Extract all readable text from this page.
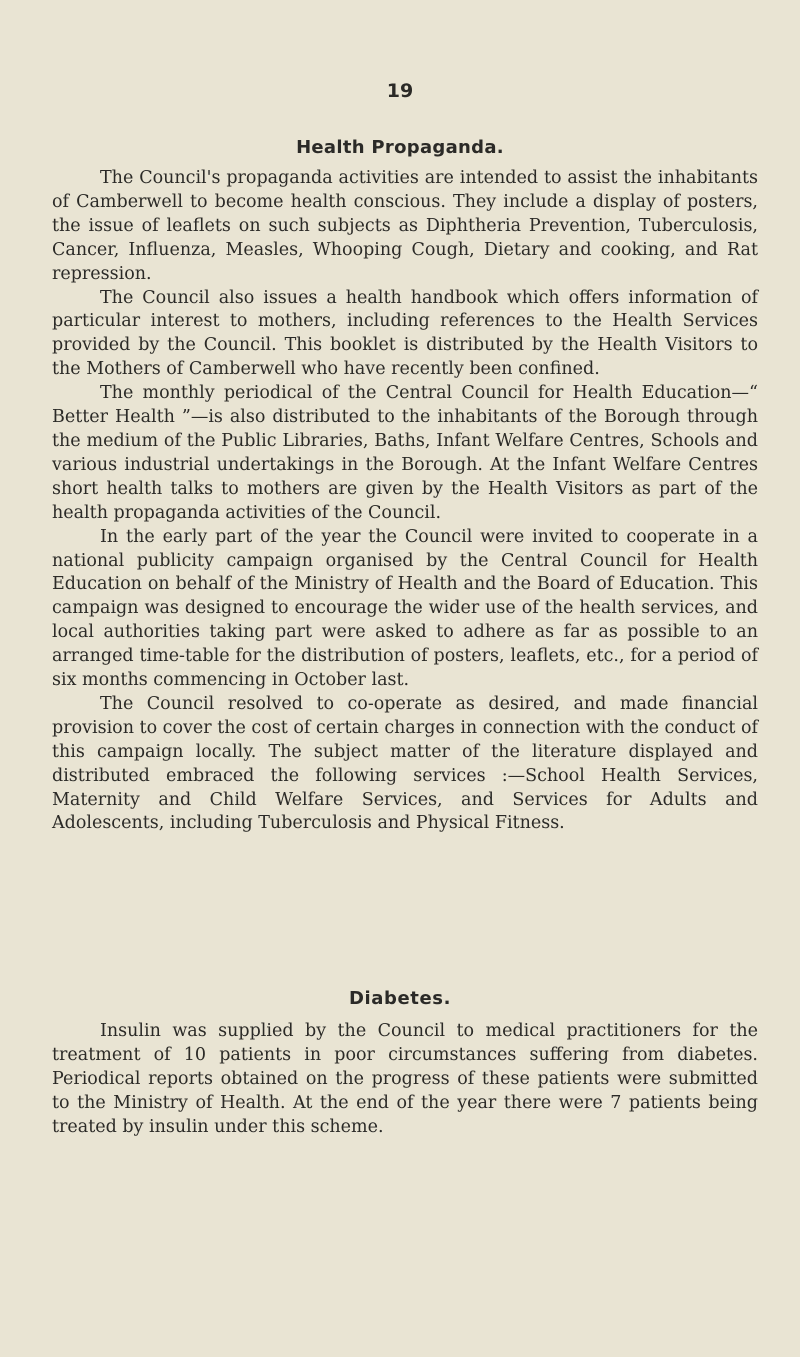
19
Health Propaganda.

The Council's propaganda activities are intended to assist the inhabitants of Camberwell to become health conscious. They include a display of posters, the issue of leaflets on such subjects as Diphtheria Prevention, Tuberculosis, Cancer, Influenza, Measles, Whooping Cough, Dietary and cooking, and Rat repression.

The Council also issues a health handbook which offers information of particular interest to mothers, including references to the Health Services provided by the Council. This booklet is distributed by the Health Visitors to the Mothers of Camberwell who have recently been confined.

The monthly periodical of the Central Council for Health Education—“ Better Health ”—is also distributed to the inhabitants of the Borough through the medium of the Public Libraries, Baths, Infant Welfare Centres, Schools and various industrial undertakings in the Borough. At the Infant Welfare Centres short health talks to mothers are given by the Health Visitors as part of the health propaganda activities of the Council.

In the early part of the year the Council were invited to cooperate in a national publicity campaign organised by the Central Council for Health Education on behalf of the Ministry of Health and the Board of Education. This campaign was designed to encourage the wider use of the health services, and local authorities taking part were asked to adhere as far as possible to an arranged time-table for the distribution of posters, leaflets, etc., for a period of six months commencing in October last.

The Council resolved to co-operate as desired, and made financial provision to cover the cost of certain charges in connection with the conduct of this campaign locally. The subject matter of the literature displayed and distributed embraced the following services :—School Health Services, Maternity and Child Welfare Services, and Services for Adults and Adolescents, including Tuberculosis and Physical Fitness.

Diabetes.

Insulin was supplied by the Council to medical practitioners for the treatment of 10 patients in poor circumstances suffering from diabetes. Periodical reports obtained on the progress of these patients were submitted to the Ministry of Health. At the end of the year there were 7 patients being treated by insulin under this scheme.
